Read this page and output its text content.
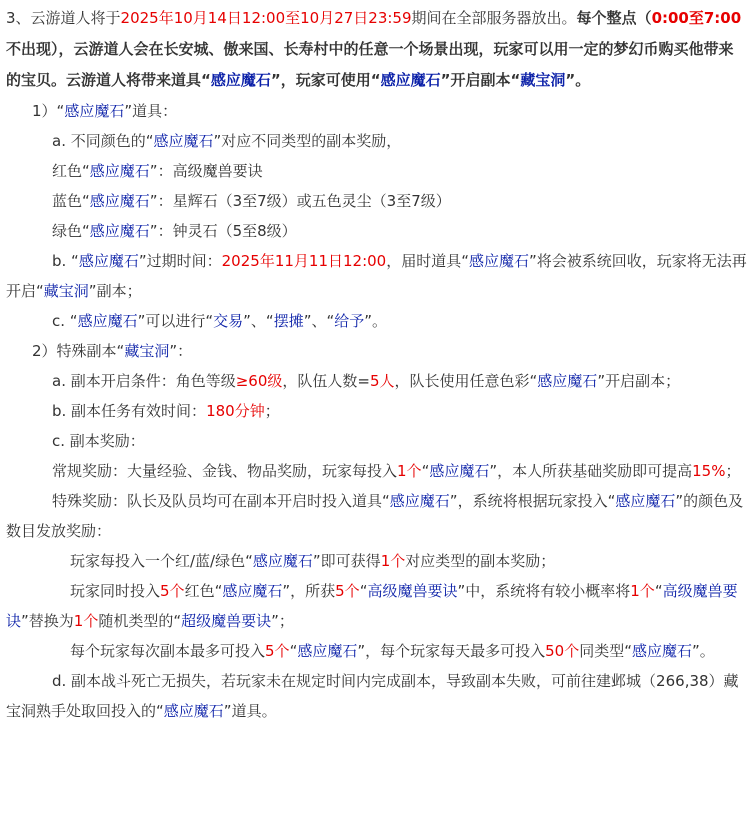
3、云游道人将于2025年10月14日12:00至10月27日23:59期间在全部服务器放出。每个整点（0:00至7:00不出现），云游道人会在长安城、傲来国、长寿村中的任意一个场景出现，玩家可以用一定的梦幻币购买他带来的宝贝。云游道人将带来道具“感应魔石”，玩家可使用“感应魔石”开启副本“藏宝洞”。

1）“感应魔石”道具：

a. 不同颜色的“感应魔石”对应不同类型的副本奖励，

红色“感应魔石”：高级魔兽要诀

蓝色“感应魔石”：星辉石（3至7级）或五色灵尘（3至7级）

绿色“感应魔石”：钟灵石（5至8级）

b. “感应魔石”过期时间：2025年11月11日12:00，届时道具“感应魔石”将会被系统回收，玩家将无法再开启“藏宝洞”副本；

c. “感应魔石”可以进行“交易”、“摆摊”、“给予”。

2）特殊副本“藏宝洞”：

a. 副本开启条件：角色等级≥60级，队伍人数=5人，队长使用任意色彩“感应魔石”开启副本；

b. 副本任务有效时间：180分钟；

c. 副本奖励：

常规奖励：大量经验、金钱、物品奖励，玩家每投入1个“感应魔石”，本人所获基础奖励即可提高15%；

特殊奖励：队长及队员均可在副本开启时投入道具“感应魔石”，系统将根据玩家投入“感应魔石”的颜色及数目发放奖励：

玩家每投入一个红/蓝/绿色“感应魔石”即可获得1个对应类型的副本奖励；

玩家同时投入5个红色“感应魔石”，所获5个“高级魔兽要诀”中，系统将有较小概率将1个“高级魔兽要诀”替换为1个随机类型的“超级魔兽要诀”；

每个玩家每次副本最多可投入5个“感应魔石”，每个玩家每天最多可投入50个同类型“感应魔石”。

d. 副本战斗死亡无损失，若玩家未在规定时间内完成副本，导致副本失败，可前往建邺城（266,38）藏宝洞熟手处取回投入的“感应魔石”道具。
